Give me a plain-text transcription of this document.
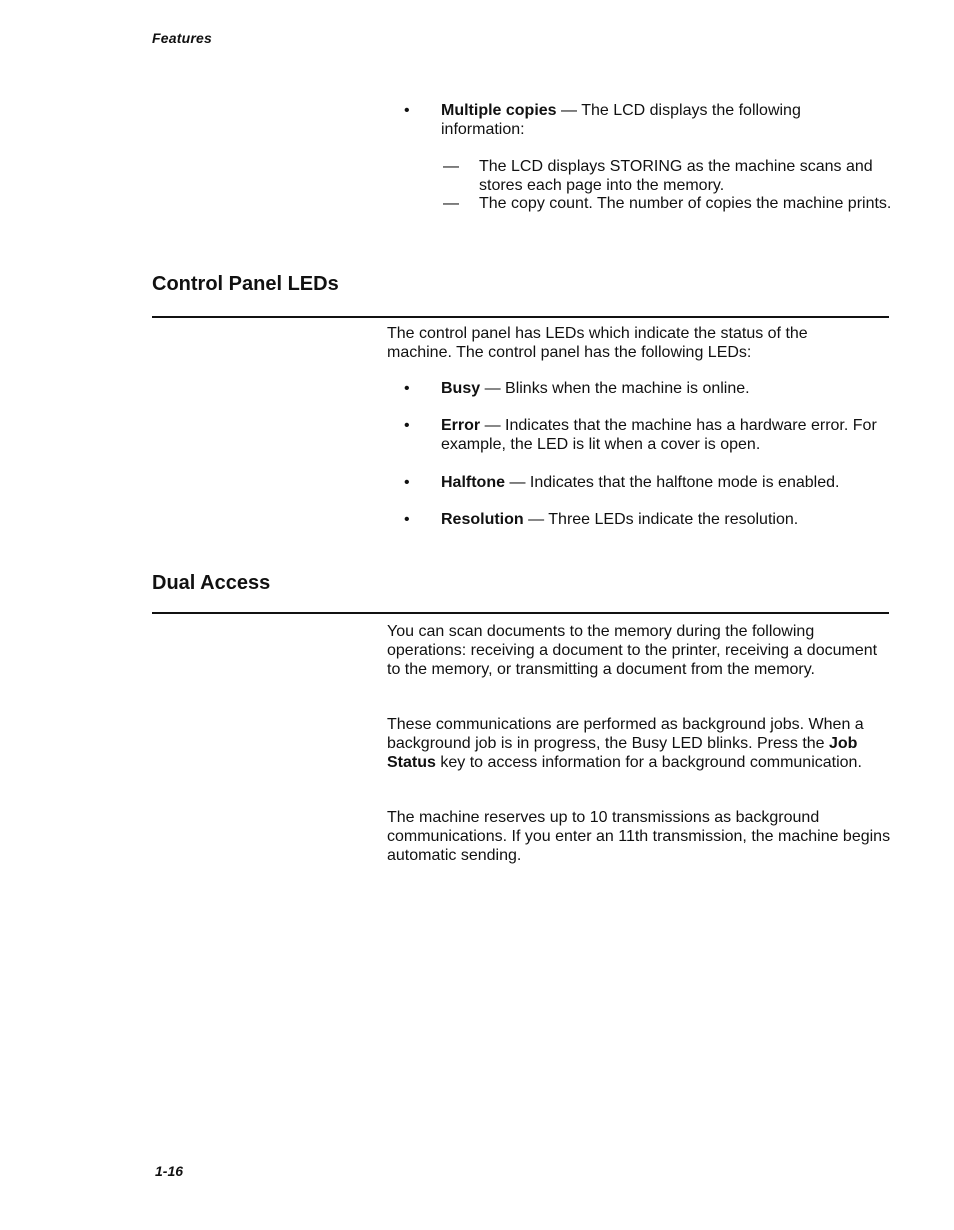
Features
• Multiple copies — The LCD displays the following information:

— The LCD displays STORING as the machine scans and stores each page into the memory.

— The copy count. The number of copies the machine prints.

Control Panel LEDs

The control panel has LEDs which indicate the status of the machine. The control panel has the following LEDs:

• Busy — Blinks when the machine is online.

• Error — Indicates that the machine has a hardware error. For example, the LED is lit when a cover is open.

• Halftone — Indicates that the halftone mode is enabled.

• Resolution — Three LEDs indicate the resolution.

Dual Access

You can scan documents to the memory during the following operations: receiving a document to the printer, receiving a document to the memory, or transmitting a document from the memory.

These communications are performed as background jobs. When a background job is in progress, the Busy LED blinks. Press the Job Status key to access information for a background communication.

The machine reserves up to 10 transmissions as background communications. If you enter an 11th transmission, the machine begins automatic sending.

1-16
